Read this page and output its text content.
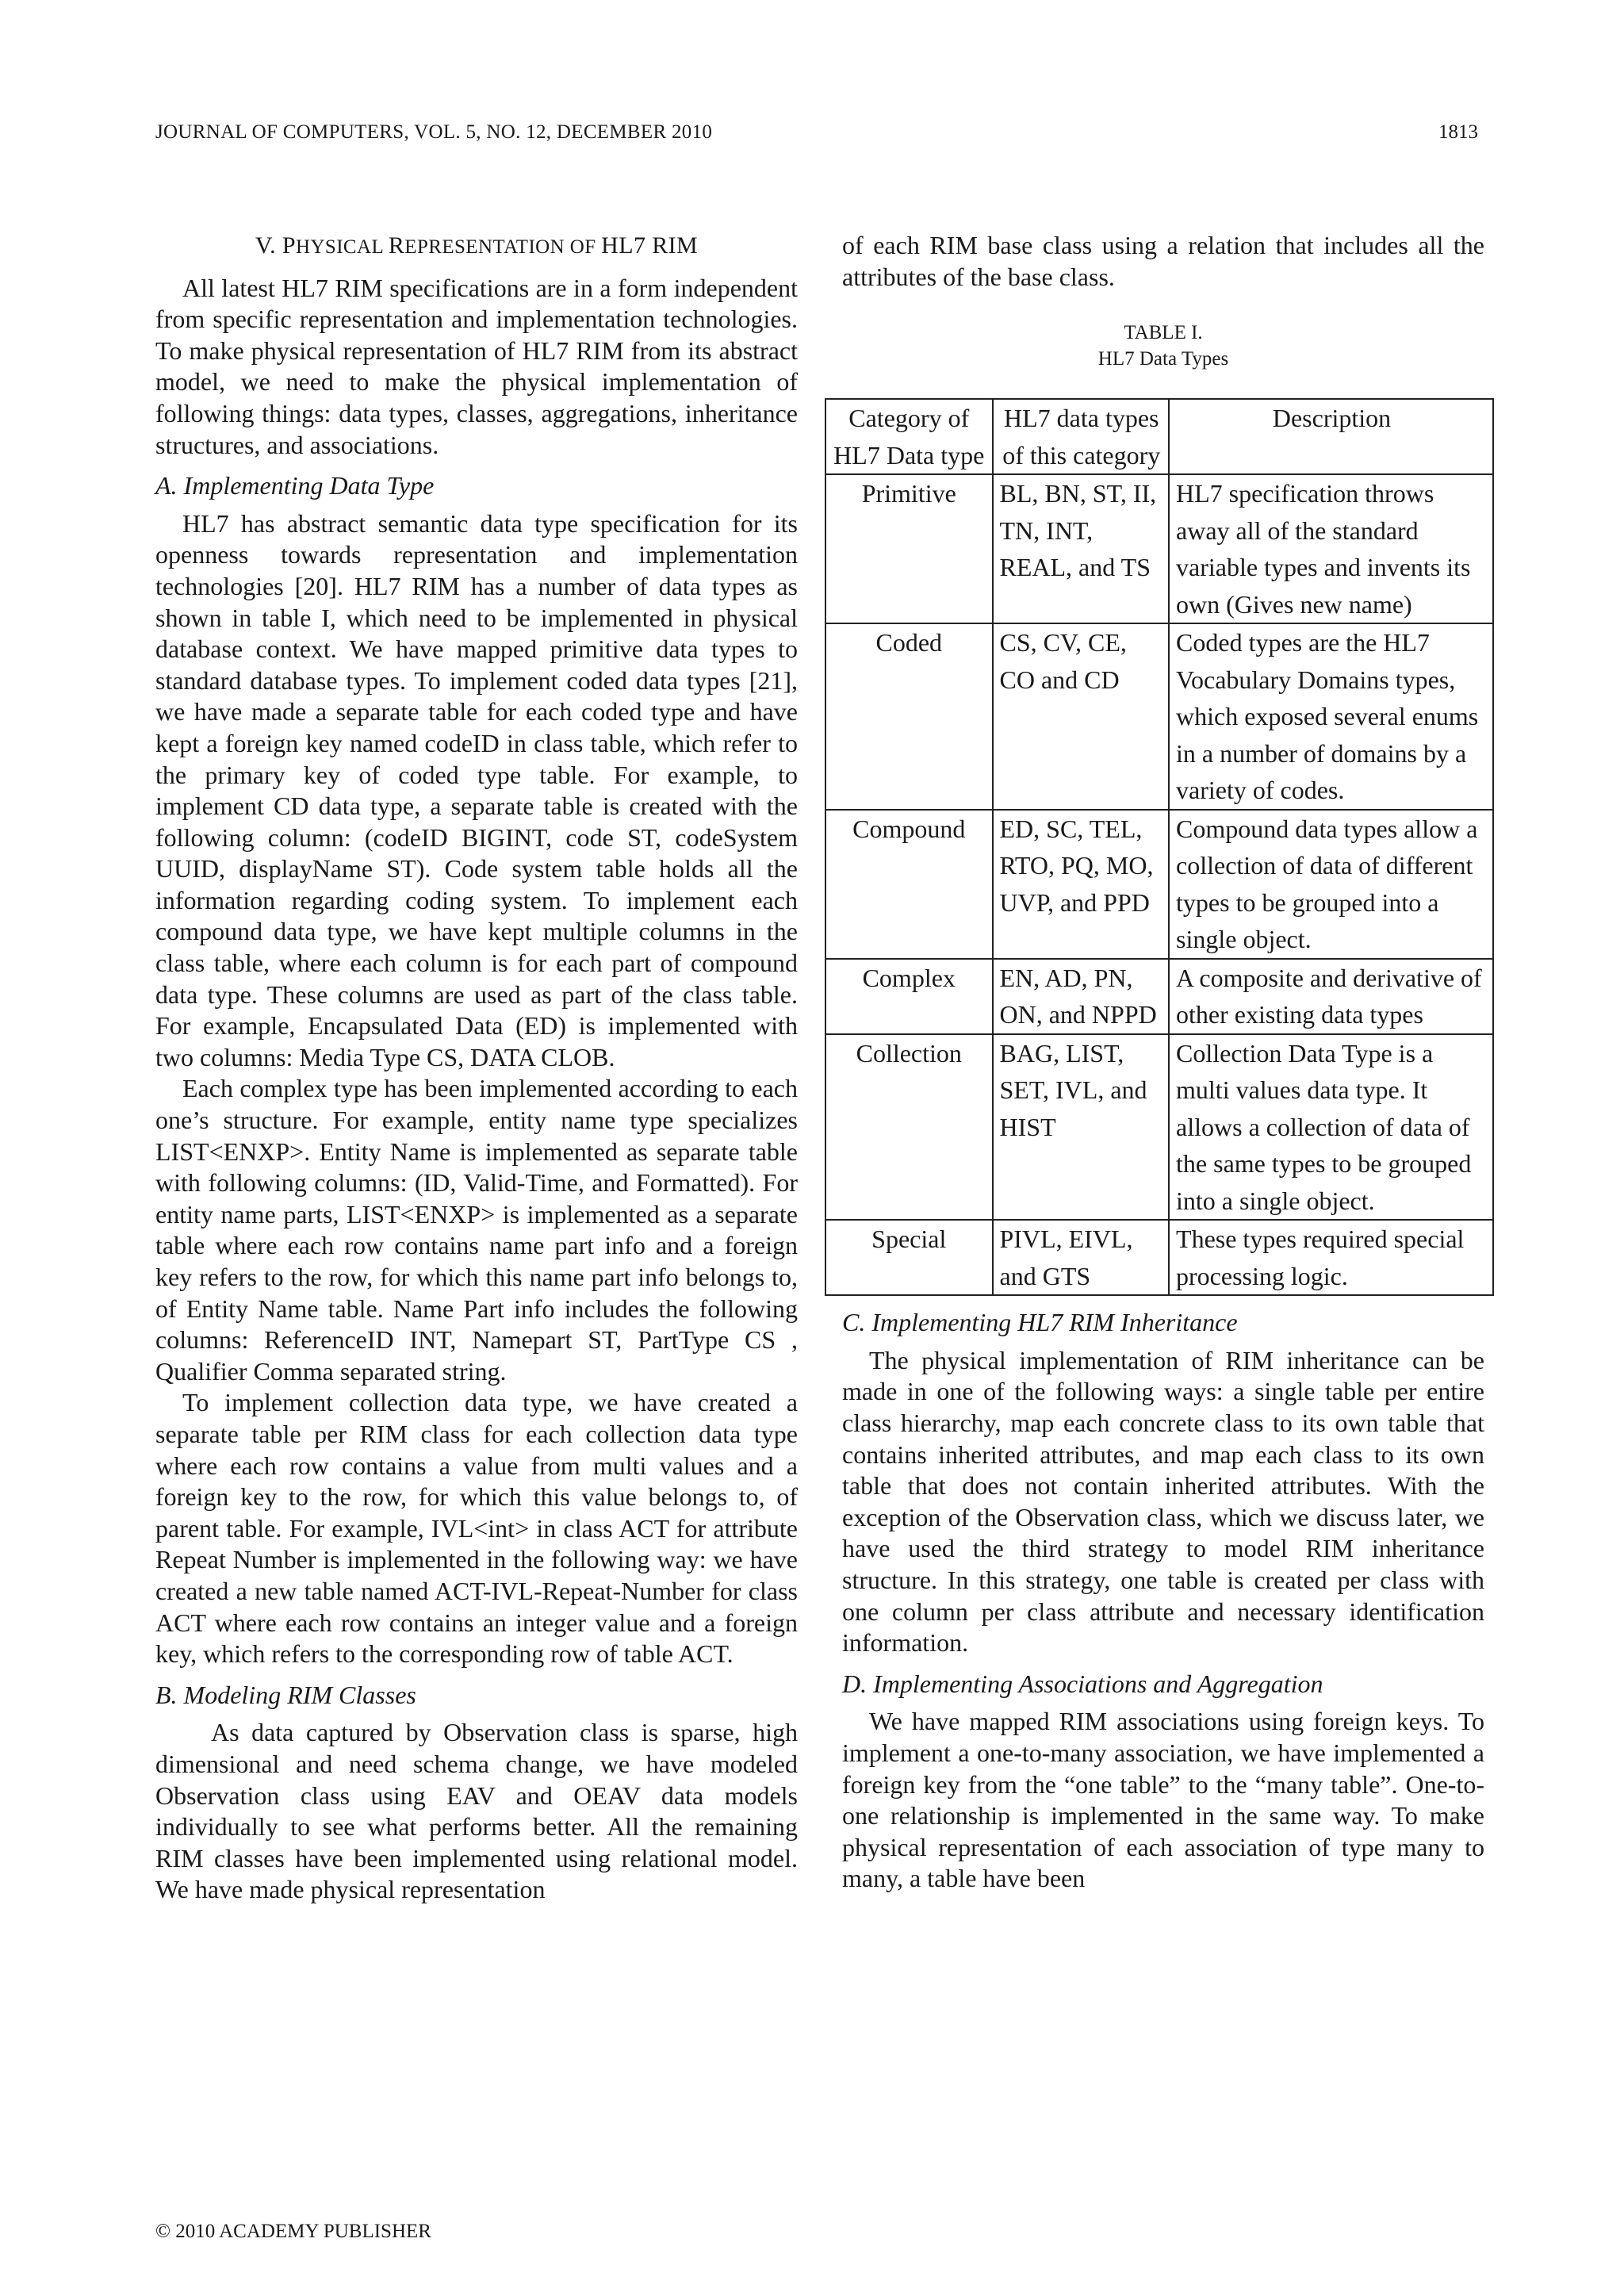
JOURNAL OF COMPUTERS, VOL. 5, NO. 12, DECEMBER 2010	1813
V. PHYSICAL REPRESENTATION OF HL7 RIM

All latest HL7 RIM specifications are in a form independent from specific representation and implementation technologies. To make physical representation of HL7 RIM from its abstract model, we need to make the physical implementation of following things: data types, classes, aggregations, inheritance structures, and associations.

A. Implementing Data Type

HL7 has abstract semantic data type specification for its openness towards representation and implementation technologies [20]. HL7 RIM has a number of data types as shown in table I, which need to be implemented in physical database context. We have mapped primitive data types to standard database types. To implement coded data types [21], we have made a separate table for each coded type and have kept a foreign key named codeID in class table, which refer to the primary key of coded type table. For example, to implement CD data type, a separate table is created with the following column: (codeID BIGINT, code ST, codeSystem UUID, displayName ST). Code system table holds all the information regarding coding system. To implement each compound data type, we have kept multiple columns in the class table, where each column is for each part of compound data type. These columns are used as part of the class table. For example, Encapsulated Data (ED) is implemented with two columns: Media Type CS, DATA CLOB.

Each complex type has been implemented according to each one’s structure. For example, entity name type specializes LIST<ENXP>. Entity Name is implemented as separate table with following columns: (ID, Valid-Time, and Formatted). For entity name parts, LIST<ENXP> is implemented as a separate table where each row contains name part info and a foreign key refers to the row, for which this name part info belongs to, of Entity Name table. Name Part info includes the following columns: ReferenceID INT, Namepart ST, PartType CS , Qualifier Comma separated string.

To implement collection data type, we have created a separate table per RIM class for each collection data type where each row contains a value from multi values and a foreign key to the row, for which this value belongs to, of parent table. For example, IVL<int> in class ACT for attribute Repeat Number is implemented in the following way: we have created a new table named ACT-IVL-Repeat-Number for class ACT where each row contains an integer value and a foreign key, which refers to the corresponding row of table ACT.

B. Modeling RIM Classes

As data captured by Observation class is sparse, high dimensional and need schema change, we have modeled Observation class using EAV and OEAV data models individually to see what performs better. All the remaining RIM classes have been implemented using relational model. We have made physical representation

of each RIM base class using a relation that includes all the attributes of the base class.

TABLE I.
HL7 Data Types
Category of HL7 Data type	HL7 data types of this category	Description
Primitive	BL, BN, ST, II, TN, INT, REAL, and TS	HL7 specification throws away all of the standard variable types and invents its own (Gives new name)
Coded	CS, CV, CE, CO and CD	Coded types are the HL7 Vocabulary Domains types, which exposed several enums in a number of domains by a variety of codes.
Compound	ED, SC, TEL, RTO, PQ, MO, UVP, and PPD	Compound data types allow a collection of data of different types to be grouped into a single object.
Complex	EN, AD, PN, ON, and NPPD	A composite and derivative of other existing data types
Collection	BAG, LIST, SET, IVL, and HIST	Collection Data Type is a multi values data type. It allows a collection of data of the same types to be grouped into a single object.
Special	PIVL, EIVL, and GTS	These types required special processing logic.
C. Implementing HL7 RIM Inheritance

The physical implementation of RIM inheritance can be made in one of the following ways: a single table per entire class hierarchy, map each concrete class to its own table that contains inherited attributes, and map each class to its own table that does not contain inherited attributes. With the exception of the Observation class, which we discuss later, we have used the third strategy to model RIM inheritance structure. In this strategy, one table is created per class with one column per class attribute and necessary identification information.

D. Implementing Associations and Aggregation

We have mapped RIM associations using foreign keys. To implement a one-to-many association, we have implemented a foreign key from the “one table” to the “many table”. One-to-one relationship is implemented in the same way. To make physical representation of each association of type many to many, a table have been

© 2010 ACADEMY PUBLISHER
